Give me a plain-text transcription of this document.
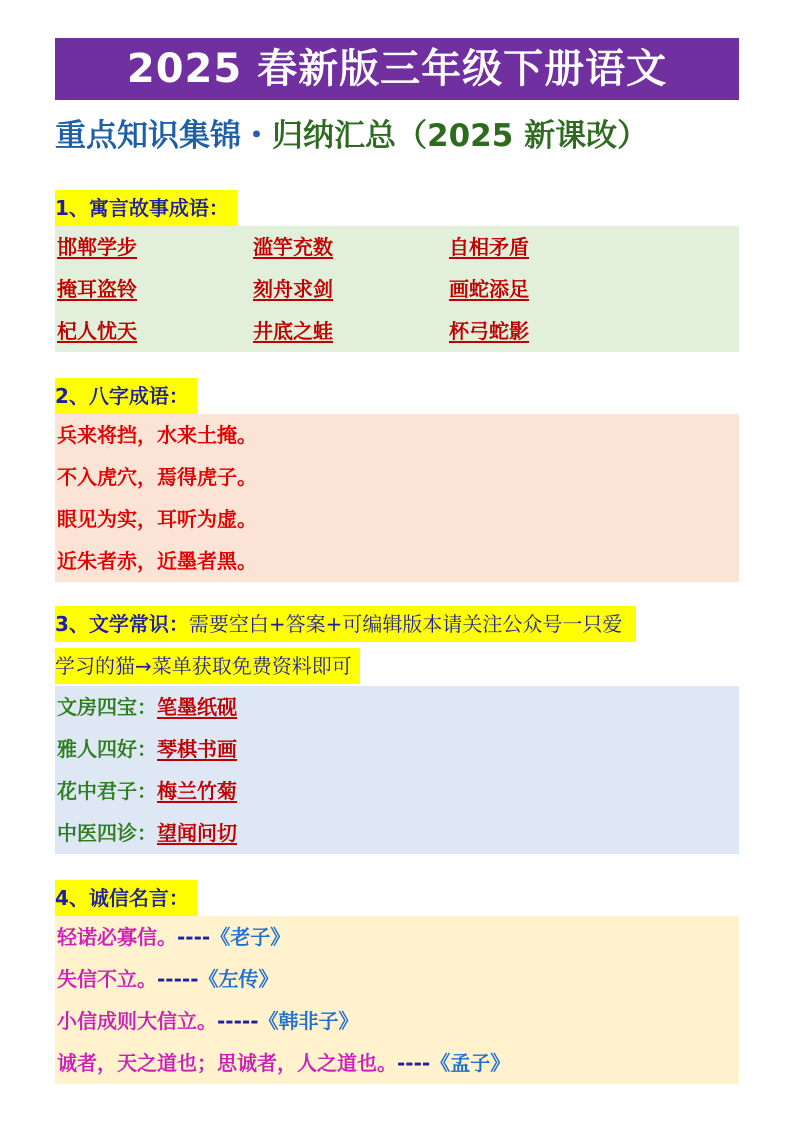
2025 春新版三年级下册语文
重点知识集锦・归纳汇总（2025 新课改）
1、寓言故事成语：
邯郸学步	滥竽充数	自相矛盾
掩耳盗铃	刻舟求剑	画蛇添足
杞人忧天	井底之蛙	杯弓蛇影
2、八字成语：
兵来将挡，水来土掩。
不入虎穴，焉得虎子。
眼见为实，耳听为虚。
近朱者赤，近墨者黑。
3、文学常识：需要空白+答案+可编辑版本请关注公众号一只爱
学习的猫→菜单获取免费资料即可
文房四宝：笔墨纸砚
雅人四好：琴棋书画
花中君子：梅兰竹菊
中医四诊：望闻问切
4、诚信名言：
轻诺必寡信。----《老子》
失信不立。-----《左传》
小信成则大信立。-----《韩非子》
诚者，天之道也；思诚者，人之道也。----《孟子》
